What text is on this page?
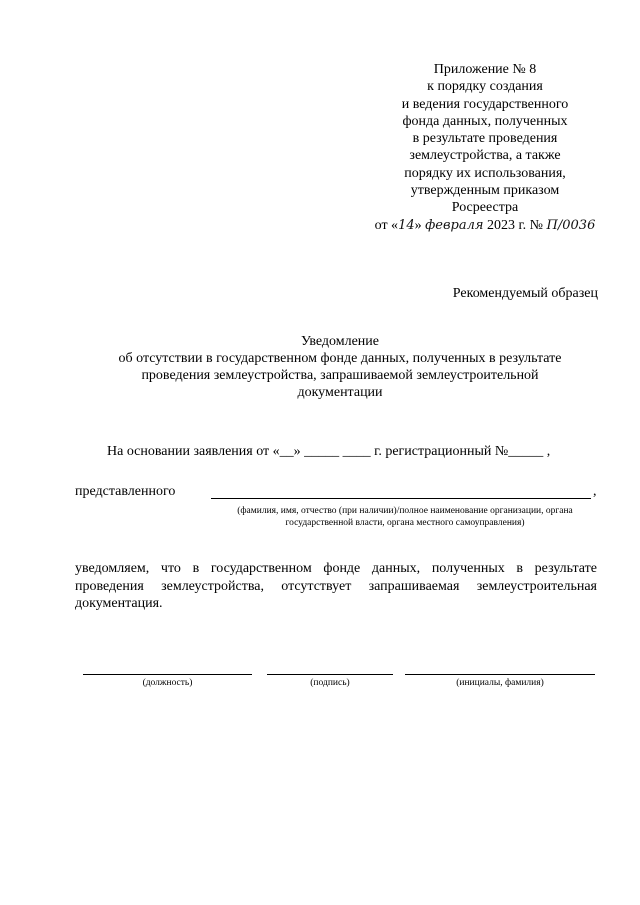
Приложение № 8
к порядку создания
и ведения государственного
фонда данных, полученных
в результате проведения
землеустройства, а также
порядку их использования,
утвержденным приказом
Росреестра
от «14» февраля 2023 г. № П/0036
Рекомендуемый образец
Уведомление
об отсутствии в государственном фонде данных, полученных в результате
проведения землеустройства, запрашиваемой землеустроительной
документации
На основании заявления от «__» _____ ____ г. регистрационный №_____ ,
представленного	,
(фамилия, имя, отчество (при наличии)/полное наименование организации, органа
государственной власти, органа местного самоуправления)
уведомляем, что в государственном фонде данных, полученных в результате
проведения землеустройства, отсутствует запрашиваемая землеустроительная
документация.
(должность)	(подпись)	(инициалы, фамилия)
